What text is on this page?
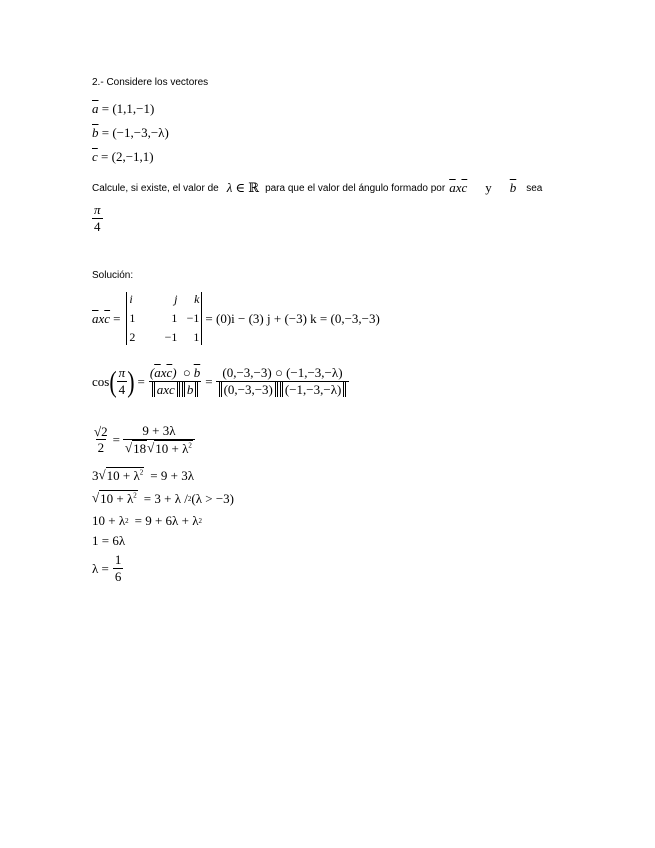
2.- Considere los vectores
$\overline{a}$
= (1,1,−1)
$\overline{b}$
= (−1,−3,−λ)
$\overline{c}$
= (2,−1,1)
Calcule, si existe, el valor de λ ∈ ℝ para que el valor del ángulo formado por $\overline{a}x\overline{c}$ y $\overline{b}$ sea
$\frac{\pi}{4}$
Solución:
$\overline{a}x\overline{c}$ =
i	j	k
1	1 −1
2	−1	1
= (0)i − (3) j + (−3) k = (0,−3,−3)
cos ( $\frac{\pi}{4}$ ) = $\frac{(\overline{a}x\overline{c}) ○ \overline{b}}{\overline{a}x\overline{c} \overline{b}} = \frac{(0,-3,-3) ○ (-1,-3,-\lambda)}{(0,-3,-3) (-1,-3,-\lambda)}$
$\frac{√2}{2} = \frac{9 + 3\lambda}{√ 18 √ 10 + \lambda^2}$
3 √ $10 + \lambda^2 = 9 + 3\lambda$
√ $10 + \lambda^2 = 3 + \lambda / 2$ (λ > −3)
10 + λ 2 = 9 + 6λ + λ 2
1 = 6λ
$\lambda = \frac{1}{6}$
